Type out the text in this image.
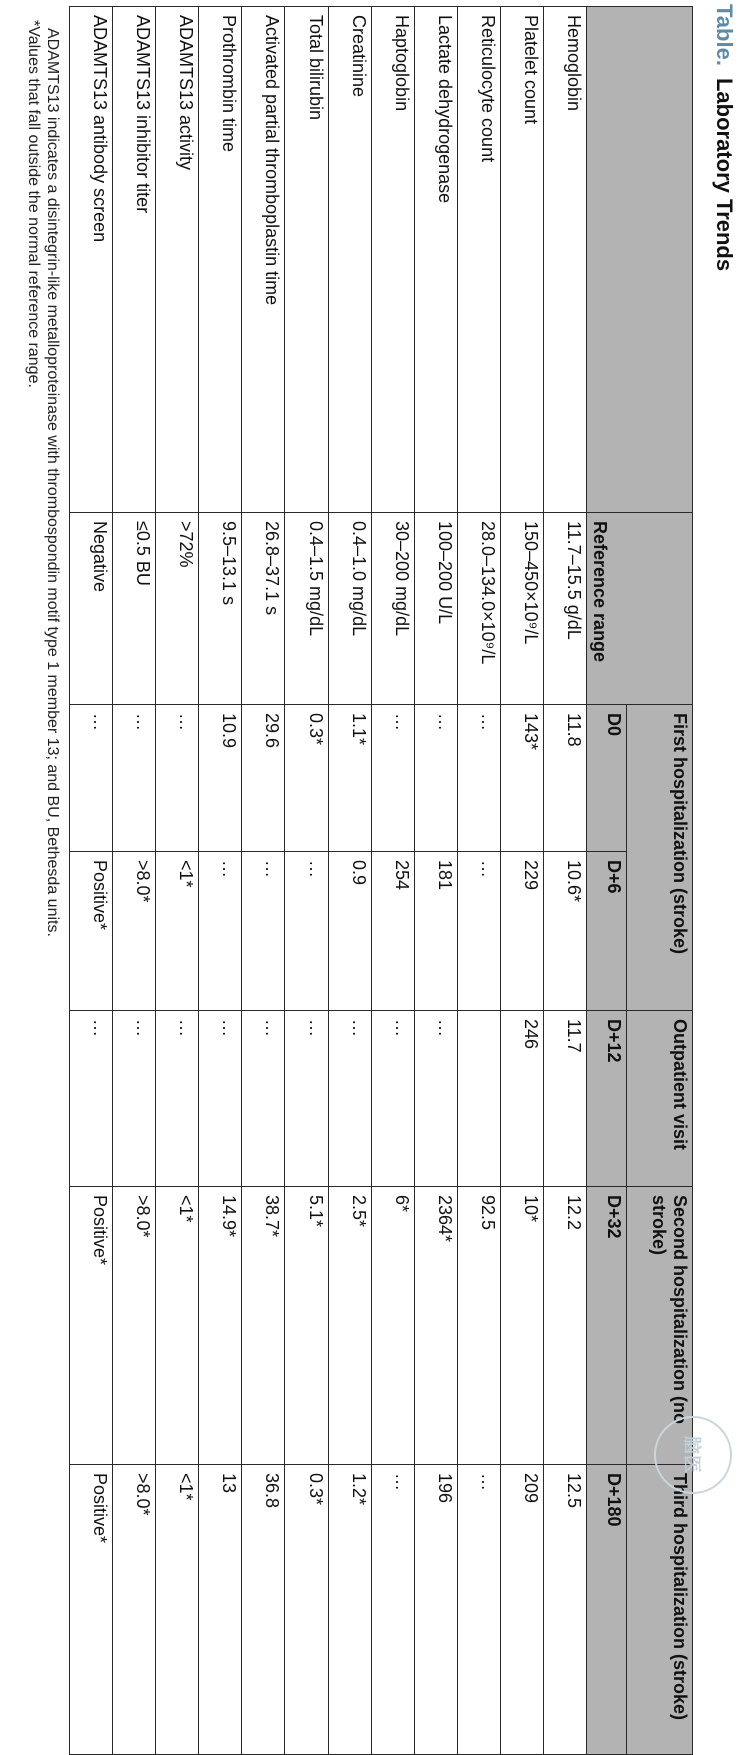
Table.Laboratory Trends
	Reference range	First hospitalization (stroke)		Outpatient visit	Second hospitalization (no stroke)	Third hospitalization (stroke)
		D0	D+6	D+12	D+32	D+180
Hemoglobin	11.7–15.5 g/dL	11.8	10.6*	11.7	12.2	12.5
Platelet count	150–450×10⁹/L	143*	229	246	10*	209
Reticulocyte count	28.0–134.0×10⁹/L	…	…		92.5	…
Lactate dehydrogenase	100–200 U/L	…	181	…	2364*	196
Haptoglobin	30–200 mg/dL	…	254	…	6*	…
Creatinine	0.4–1.0 mg/dL	1.1*	0.9	…	2.5*	1.2*
Total bilirubin	0.4–1.5 mg/dL	0.3*	…	…	5.1*	0.3*
Activated partial thromboplastin time	26.8–37.1 s	29.6	…	…	38.7*	36.8
Prothrombin time	9.5–13.1 s	10.9	…	…	14.9*	13
ADAMTS13 activity	>72%	…	<1*	…	<1*	<1*
ADAMTS13 inhibitor titer	≤0.5 BU	…	>8.0*	…	>8.0*	>8.0*
ADAMTS13 antibody screen	Negative	…	Positive*	…	Positive*	Positive*
ADAMTS13 indicates a disintegrin-like metalloproteinase with thrombospondin motif type 1 member 13; and BU, Bethesda units.
*Values that fall outside the normal reference range.
脑医
